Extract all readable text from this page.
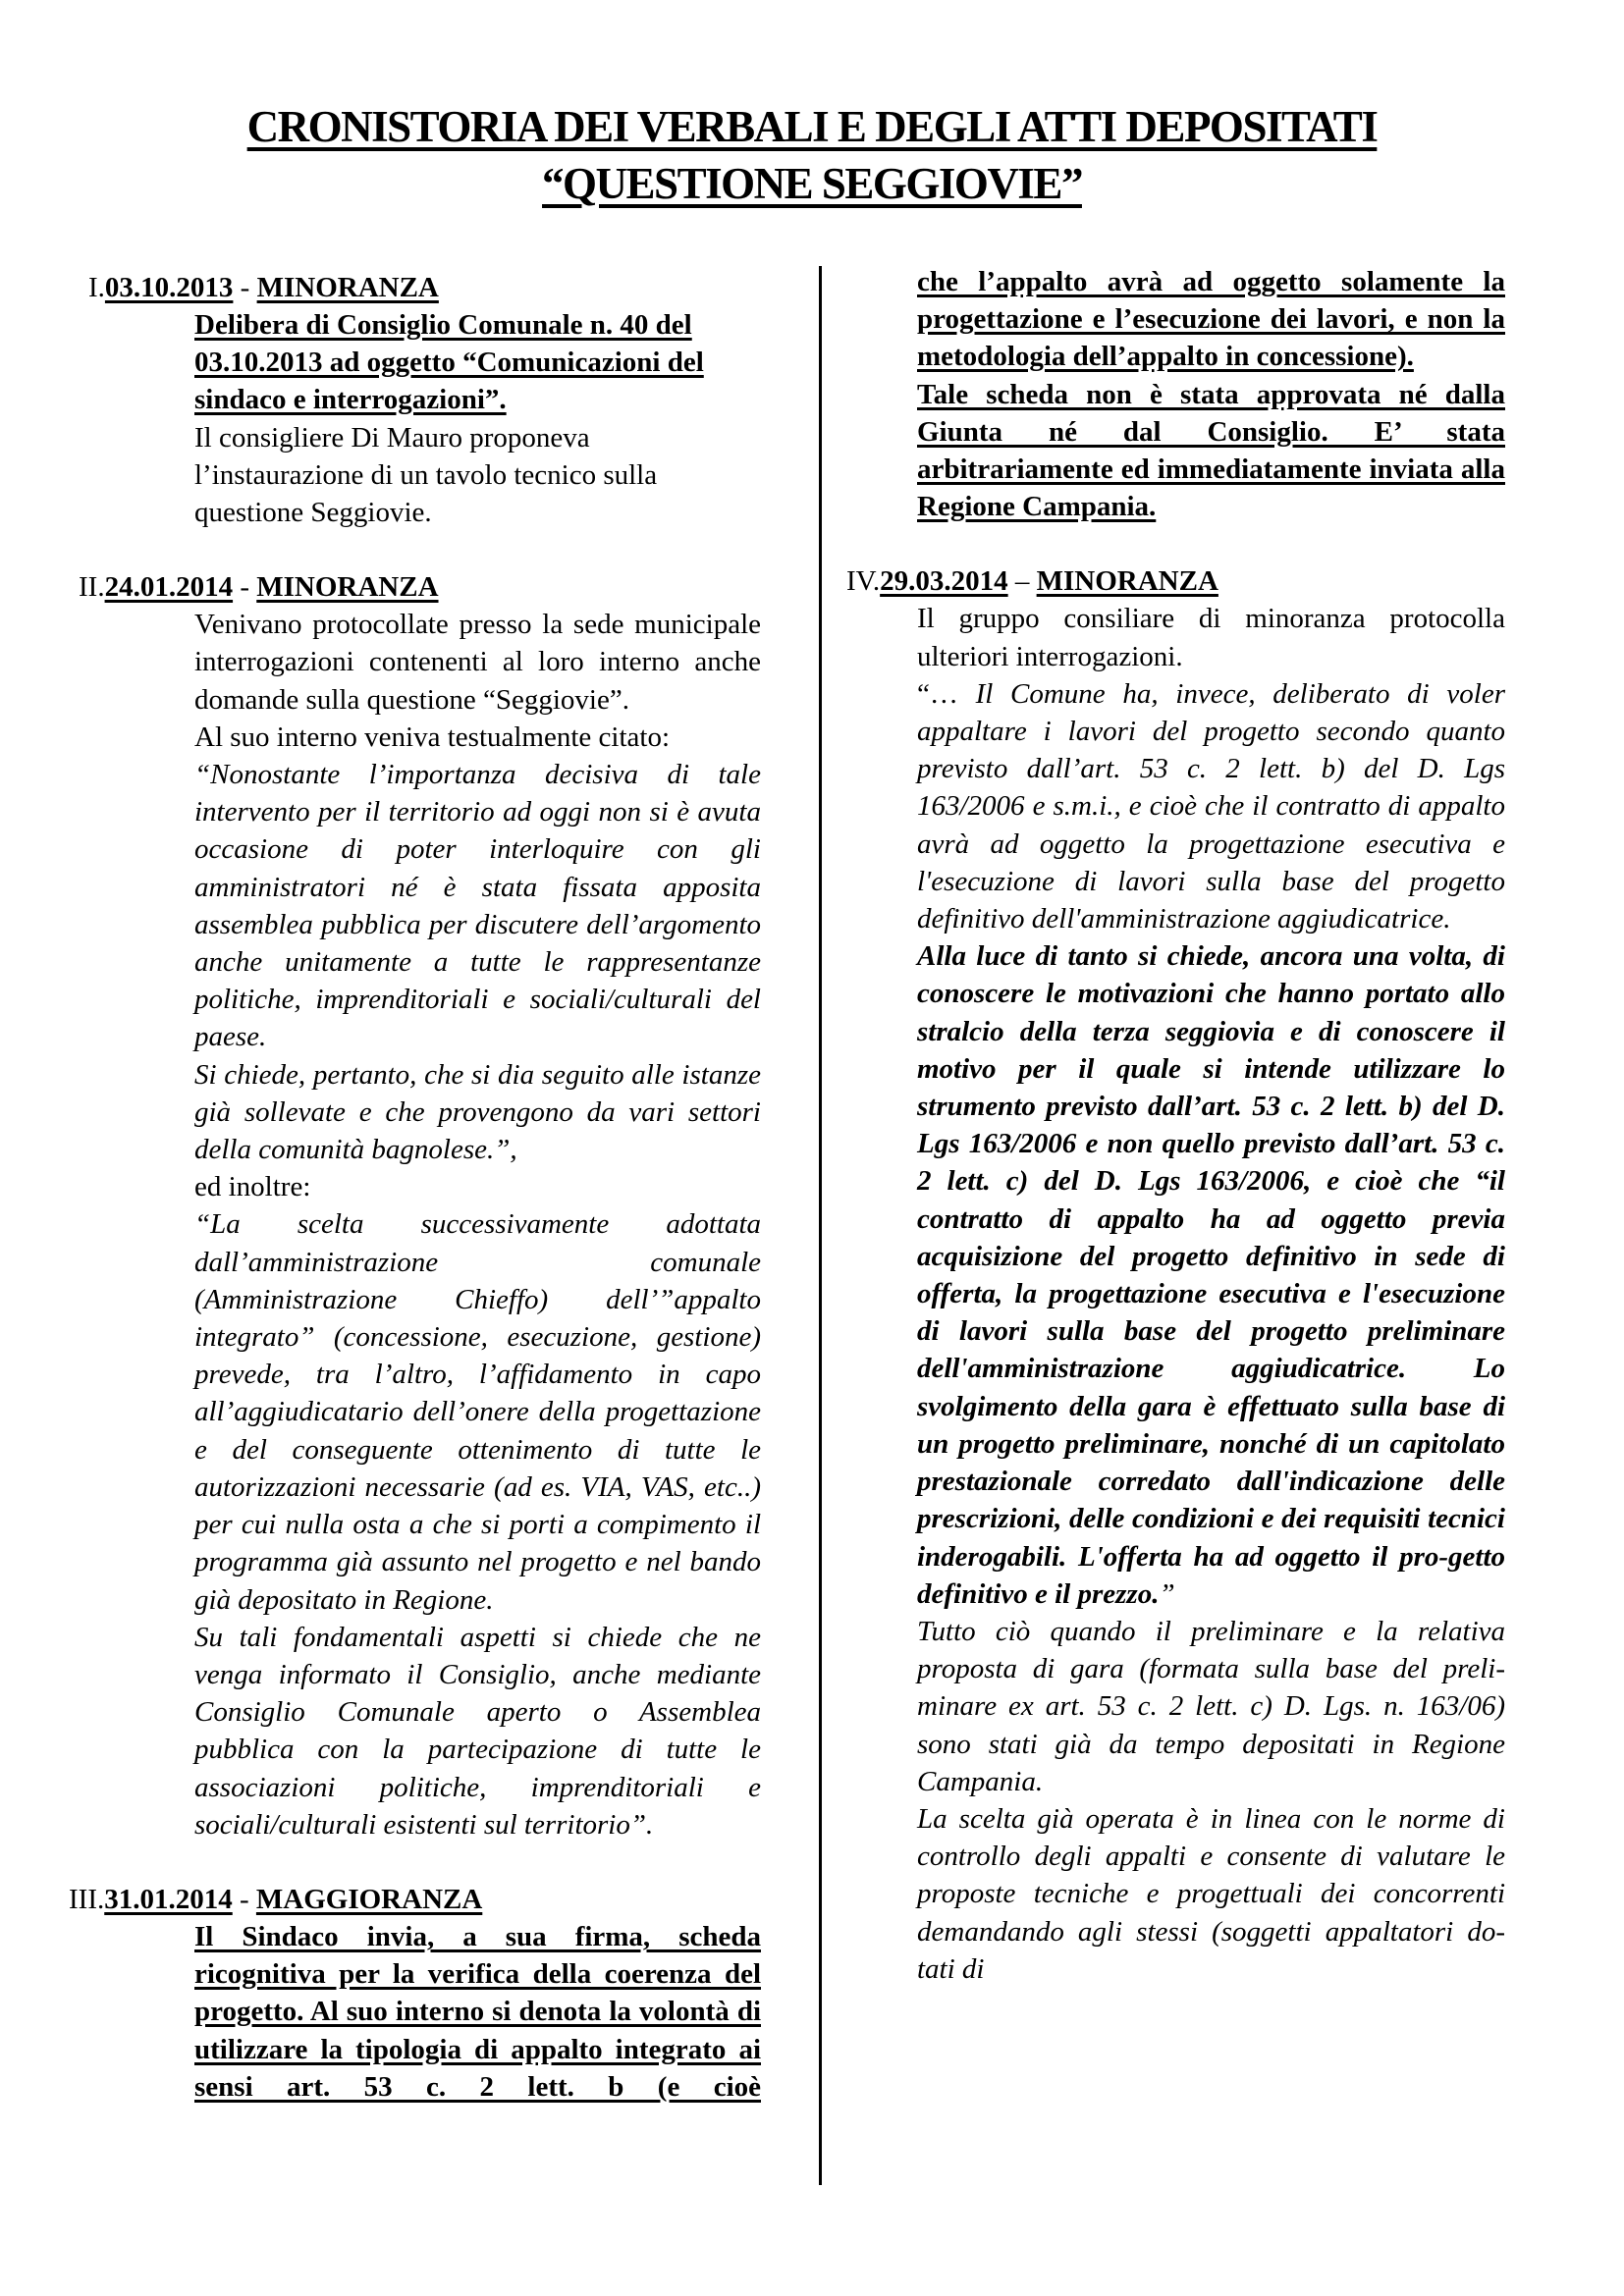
CRONISTORIA DEI VERBALI E DEGLI ATTI DEPOSITATI
“QUESTIONE SEGGIOVIE”
I.03.10.2013 - MINORANZA

Delibera di Consiglio Comunale n. 40 del 03.10.2013 ad oggetto “Comunicazioni del sindaco e interrogazioni”.

Il consigliere Di Mauro proponeva l’instaurazione di un tavolo tecnico sulla questione Seggiovie.

II.24.01.2014 - MINORANZA

Venivano protocollate presso la sede municipale interrogazioni contenenti al loro interno anche domande sulla questione “Seggiovie”.

Al suo interno veniva testualmente citato:

“Nonostante l’importanza decisiva di tale intervento per il territorio ad oggi non si è avuta occasione di poter interloquire con gli amministratori né è stata fissata apposita assemblea pubblica per discutere dell’argomento anche unitamente a tutte le rappresentanze politiche, imprenditoriali e sociali/culturali del paese.

Si chiede, pertanto, che si dia seguito alle istanze già sollevate e che provengono da vari settori della comunità bagnolese.”,

ed inoltre:

“La scelta successivamente adottata dall’amministrazione comunale (Amministrazione Chieffo) dell’”appalto integrato” (concessione, esecuzione, gestione) prevede, tra l’altro, l’affidamento in capo all’aggiudicatario dell’onere della progettazione e del conseguente ottenimento di tutte le autorizzazioni necessarie (ad es. VIA, VAS, etc..) per cui nulla osta a che si porti a compimento il programma già assunto nel progetto e nel bando già depositato in Regione.

Su tali fondamentali aspetti si chiede che ne venga informato il Consiglio, anche mediante Consiglio Comunale aperto o Assemblea pubblica con la partecipazione di tutte le associazioni politiche, imprenditoriali e sociali/culturali esistenti sul territorio”.

III.31.01.2014 - MAGGIORANZA

Il Sindaco invia, a sua firma, scheda ricognitiva per la verifica della coerenza del progetto. Al suo interno si denota la volontà di utilizzare la tipologia di appalto integrato ai sensi art. 53 c. 2 lett. b (e cioè

che l’appalto avrà ad oggetto solamente la progettazione e l’esecuzione dei lavori, e non la metodologia dell’appalto in concessione).

Tale scheda non è stata approvata né dalla Giunta né dal Consiglio. E’ stata arbitrariamente ed immediatamente inviata alla Regione Campania.

IV.29.03.2014 – MINORANZA

Il gruppo consiliare di minoranza protocolla ulteriori interrogazioni.

“… Il Comune ha, invece, deliberato di voler appaltare i lavori del progetto secondo quanto previsto dall’art. 53 c. 2 lett. b) del D. Lgs 163/2006 e s.m.i., e cioè che il contratto di appalto avrà ad oggetto la progettazione esecutiva e l'esecuzione di lavori sulla base del progetto definitivo dell'amministrazione aggiudicatrice.

Alla luce di tanto si chiede, ancora una volta, di conoscere le motivazioni che hanno portato allo stralcio della terza seggiovia e di conoscere il motivo per il quale si intende utilizzare lo strumento previsto dall’art. 53 c. 2 lett. b) del D. Lgs 163/2006 e non quello previsto dall’art. 53 c. 2 lett. c) del D. Lgs 163/2006, e cioè che “il contratto di appalto ha ad oggetto previa acquisizione del progetto definitivo in sede di offerta, la progettazione esecutiva e l'esecuzione di lavori sulla base del progetto preliminare dell'amministrazione aggiudicatrice. Lo svolgimento della gara è effettuato sulla base di un progetto preliminare, nonché di un capitolato prestazionale corredato dall'indicazione delle prescrizioni, delle condizioni e dei requisiti tecnici inderogabili. L'offerta ha ad oggetto il pro-getto definitivo e il prezzo.”

Tutto ciò quando il preliminare e la relativa proposta di gara (formata sulla base del preli-minare ex art. 53 c. 2 lett. c) D. Lgs. n. 163/06) sono stati già da tempo depositati in Regione Campania.

La scelta già operata è in linea con le norme di controllo degli appalti e consente di valutare le proposte tecniche e progettuali dei concorrenti demandando agli stessi (soggetti appaltatori do-tati di
